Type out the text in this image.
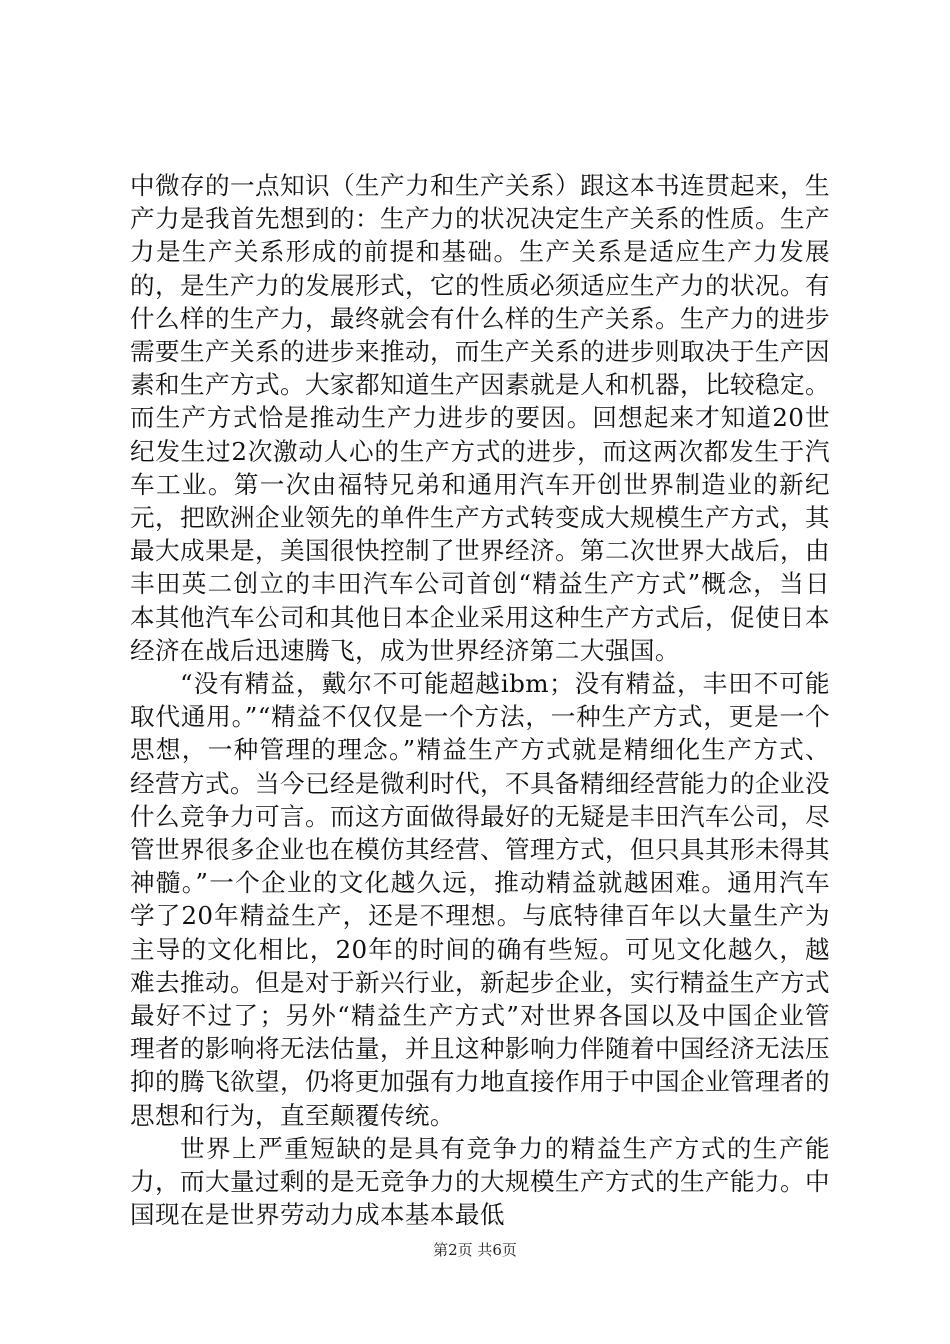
中微存的一点知识（生产力和生产关系）跟这本书连贯起来，生产力是我首先想到的：生产力的状况决定生产关系的性质。生产力是生产关系形成的前提和基础。生产关系是适应生产力发展的，是生产力的发展形式，它的性质必须适应生产力的状况。有什么样的生产力，最终就会有什么样的生产关系。生产力的进步需要生产关系的进步来推动，而生产关系的进步则取决于生产因素和生产方式。大家都知道生产因素就是人和机器，比较稳定。而生产方式恰是推动生产力进步的要因。回想起来才知道20世纪发生过2次激动人心的生产方式的进步，而这两次都发生于汽车工业。第一次由福特兄弟和通用汽车开创世界制造业的新纪元，把欧洲企业领先的单件生产方式转变成大规模生产方式，其最大成果是，美国很快控制了世界经济。第二次世界大战后，由丰田英二创立的丰田汽车公司首创“精益生产方式”概念，当日本其他汽车公司和其他日本企业采用这种生产方式后，促使日本经济在战后迅速腾飞，成为世界经济第二大强国。

“没有精益，戴尔不可能超越ibm；没有精益，丰田不可能取代通用。”“精益不仅仅是一个方法，一种生产方式，更是一个思想，一种管理的理念。”精益生产方式就是精细化生产方式、经营方式。当今已经是微利时代，不具备精细经营能力的企业没什么竞争力可言。而这方面做得最好的无疑是丰田汽车公司，尽管世界很多企业也在模仿其经营、管理方式，但只具其形未得其神髓。”一个企业的文化越久远，推动精益就越困难。通用汽车学了20年精益生产，还是不理想。与底特律百年以大量生产为主导的文化相比，20年的时间的确有些短。可见文化越久，越难去推动。但是对于新兴行业，新起步企业，实行精益生产方式最好不过了；另外“精益生产方式”对世界各国以及中国企业管理者的影响将无法估量，并且这种影响力伴随着中国经济无法压抑的腾飞欲望，仍将更加强有力地直接作用于中国企业管理者的思想和行为，直至颠覆传统。

世界上严重短缺的是具有竞争力的精益生产方式的生产能力，而大量过剩的是无竞争力的大规模生产方式的生产能力。中国现在是世界劳动力成本基本最低

第2页 共6页
